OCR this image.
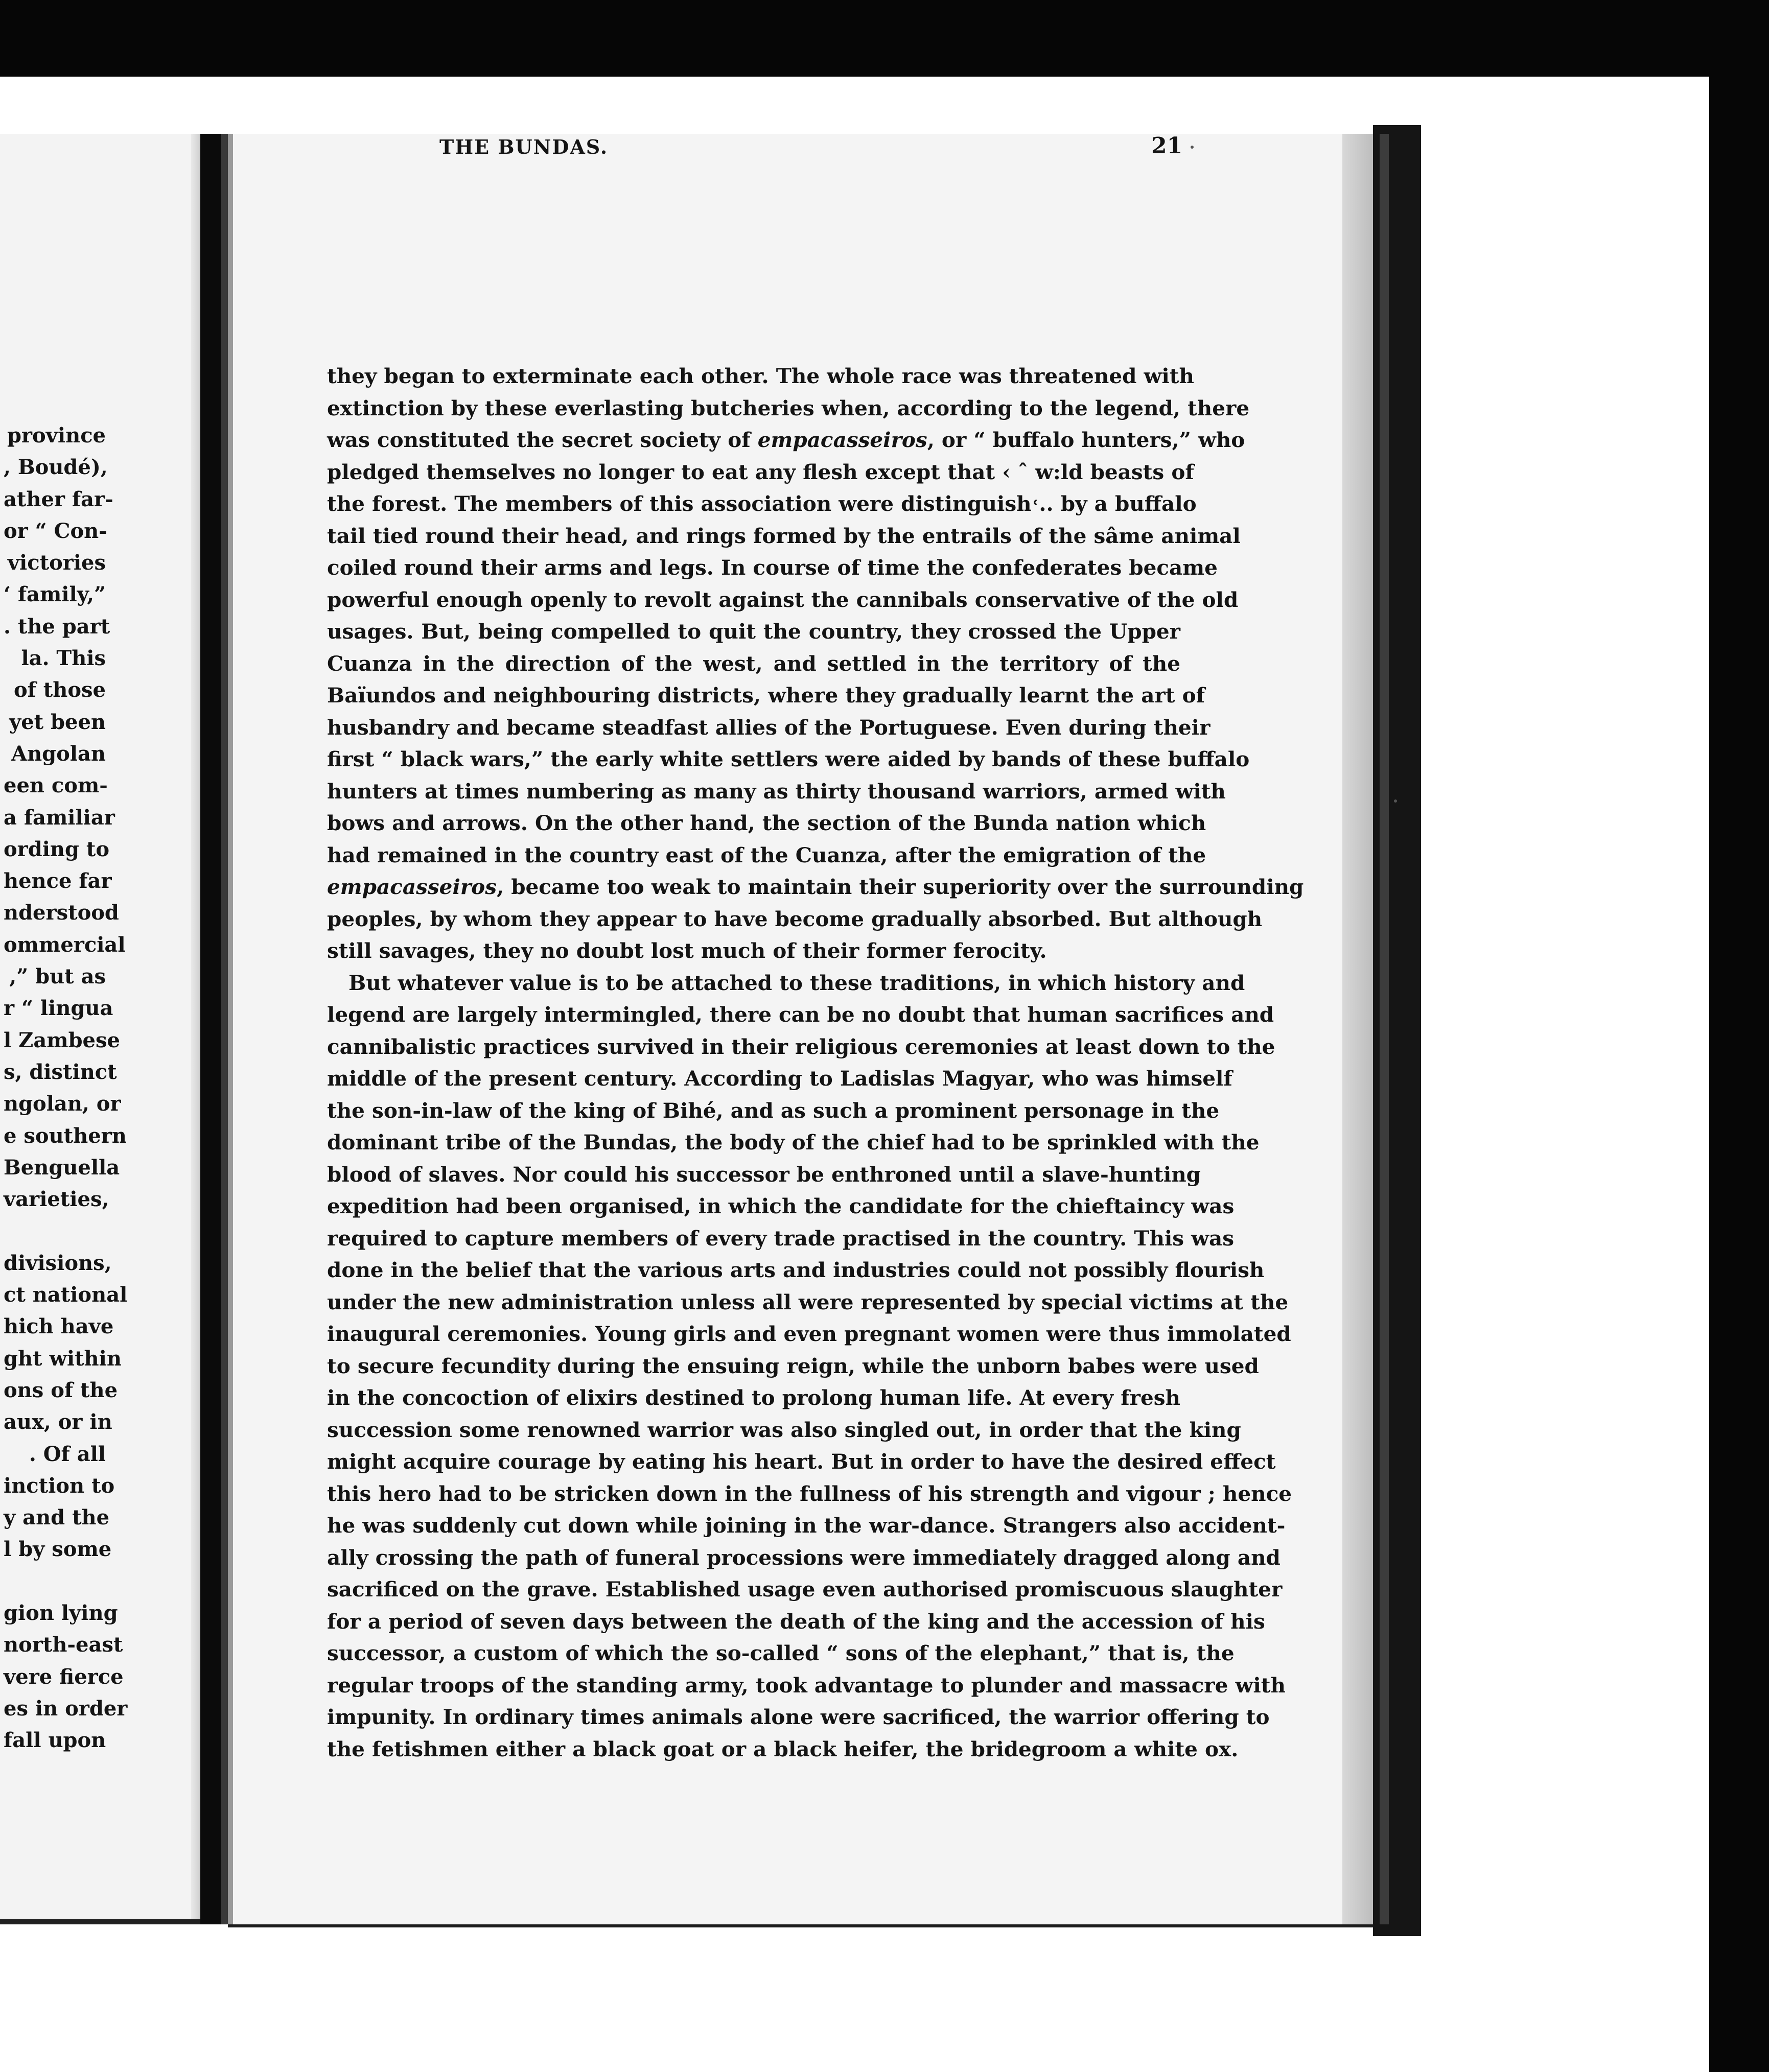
province
, Boudé),
ather far-
or “ Con-
victories
‘ family,”
. the part
la. This
of those
yet been
Angolan
een com-
a familiar
ording to
hence far
nderstood
ommercial
,” but as
r “ lingua
l Zambese
s, distinct
ngolan, or
e southern
Benguella
varieties,

divisions,
ct national
hich have
ght within
ons of the
aux, or in
. Of all
inction to
y and the
l by some

gion lying
north-east
vere fierce
es in order
fall upon
THE BUNDAS.	21
they began to exterminate each other. The whole race was threatened with
extinction by these everlasting butcheries when, according to the legend, there
was constituted the secret society of empacasseiros, or “ buffalo hunters,” who
pledged themselves no longer to eat any flesh except that ‹ ˆ w:ld beasts of
the forest. The members of this association were distinguish˓.․ by a buffalo
tail tied round their head, and rings formed by the entrails of the sâme animal
coiled round their arms and legs. In course of time the confederates became
powerful enough openly to revolt against the cannibals conservative of the old
usages. But, being compelled to quit the country, they crossed the Upper
Cuanza in the direction of the west, and settled in the territory of the
Baïundos and neighbouring districts, where they gradually learnt the art of
husbandry and became steadfast allies of the Portuguese. Even during their
first “ black wars,” the early white settlers were aided by bands of these buffalo
hunters at times numbering as many as thirty thousand warriors, armed with
bows and arrows. On the other hand, the section of the Bunda nation which
had remained in the country east of the Cuanza, after the emigration of the
empacasseiros, became too weak to maintain their superiority over the surrounding
peoples, by whom they appear to have become gradually absorbed. But although
still savages, they no doubt lost much of their former ferocity.
But whatever value is to be attached to these traditions, in which history and
legend are largely intermingled, there can be no doubt that human sacrifices and
cannibalistic practices survived in their religious ceremonies at least down to the
middle of the present century. According to Ladislas Magyar, who was himself
the son-in-law of the king of Bihé, and as such a prominent personage in the
dominant tribe of the Bundas, the body of the chief had to be sprinkled with the
blood of slaves. Nor could his successor be enthroned until a slave-hunting
expedition had been organised, in which the candidate for the chieftaincy was
required to capture members of every trade practised in the country. This was
done in the belief that the various arts and industries could not possibly flourish
under the new administration unless all were represented by special victims at the
inaugural ceremonies. Young girls and even pregnant women were thus immolated
to secure fecundity during the ensuing reign, while the unborn babes were used
in the concoction of elixirs destined to prolong human life. At every fresh
succession some renowned warrior was also singled out, in order that the king
might acquire courage by eating his heart. But in order to have the desired effect
this hero had to be stricken down in the fullness of his strength and vigour ; hence
he was suddenly cut down while joining in the war-dance. Strangers also accident-
ally crossing the path of funeral processions were immediately dragged along and
sacrificed on the grave. Established usage even authorised promiscuous slaughter
for a period of seven days between the death of the king and the accession of his
successor, a custom of which the so-called “ sons of the elephant,” that is, the
regular troops of the standing army, took advantage to plunder and massacre with
impunity. In ordinary times animals alone were sacrificed, the warrior offering to
the fetishmen either a black goat or a black heifer, the bridegroom a white ox.
